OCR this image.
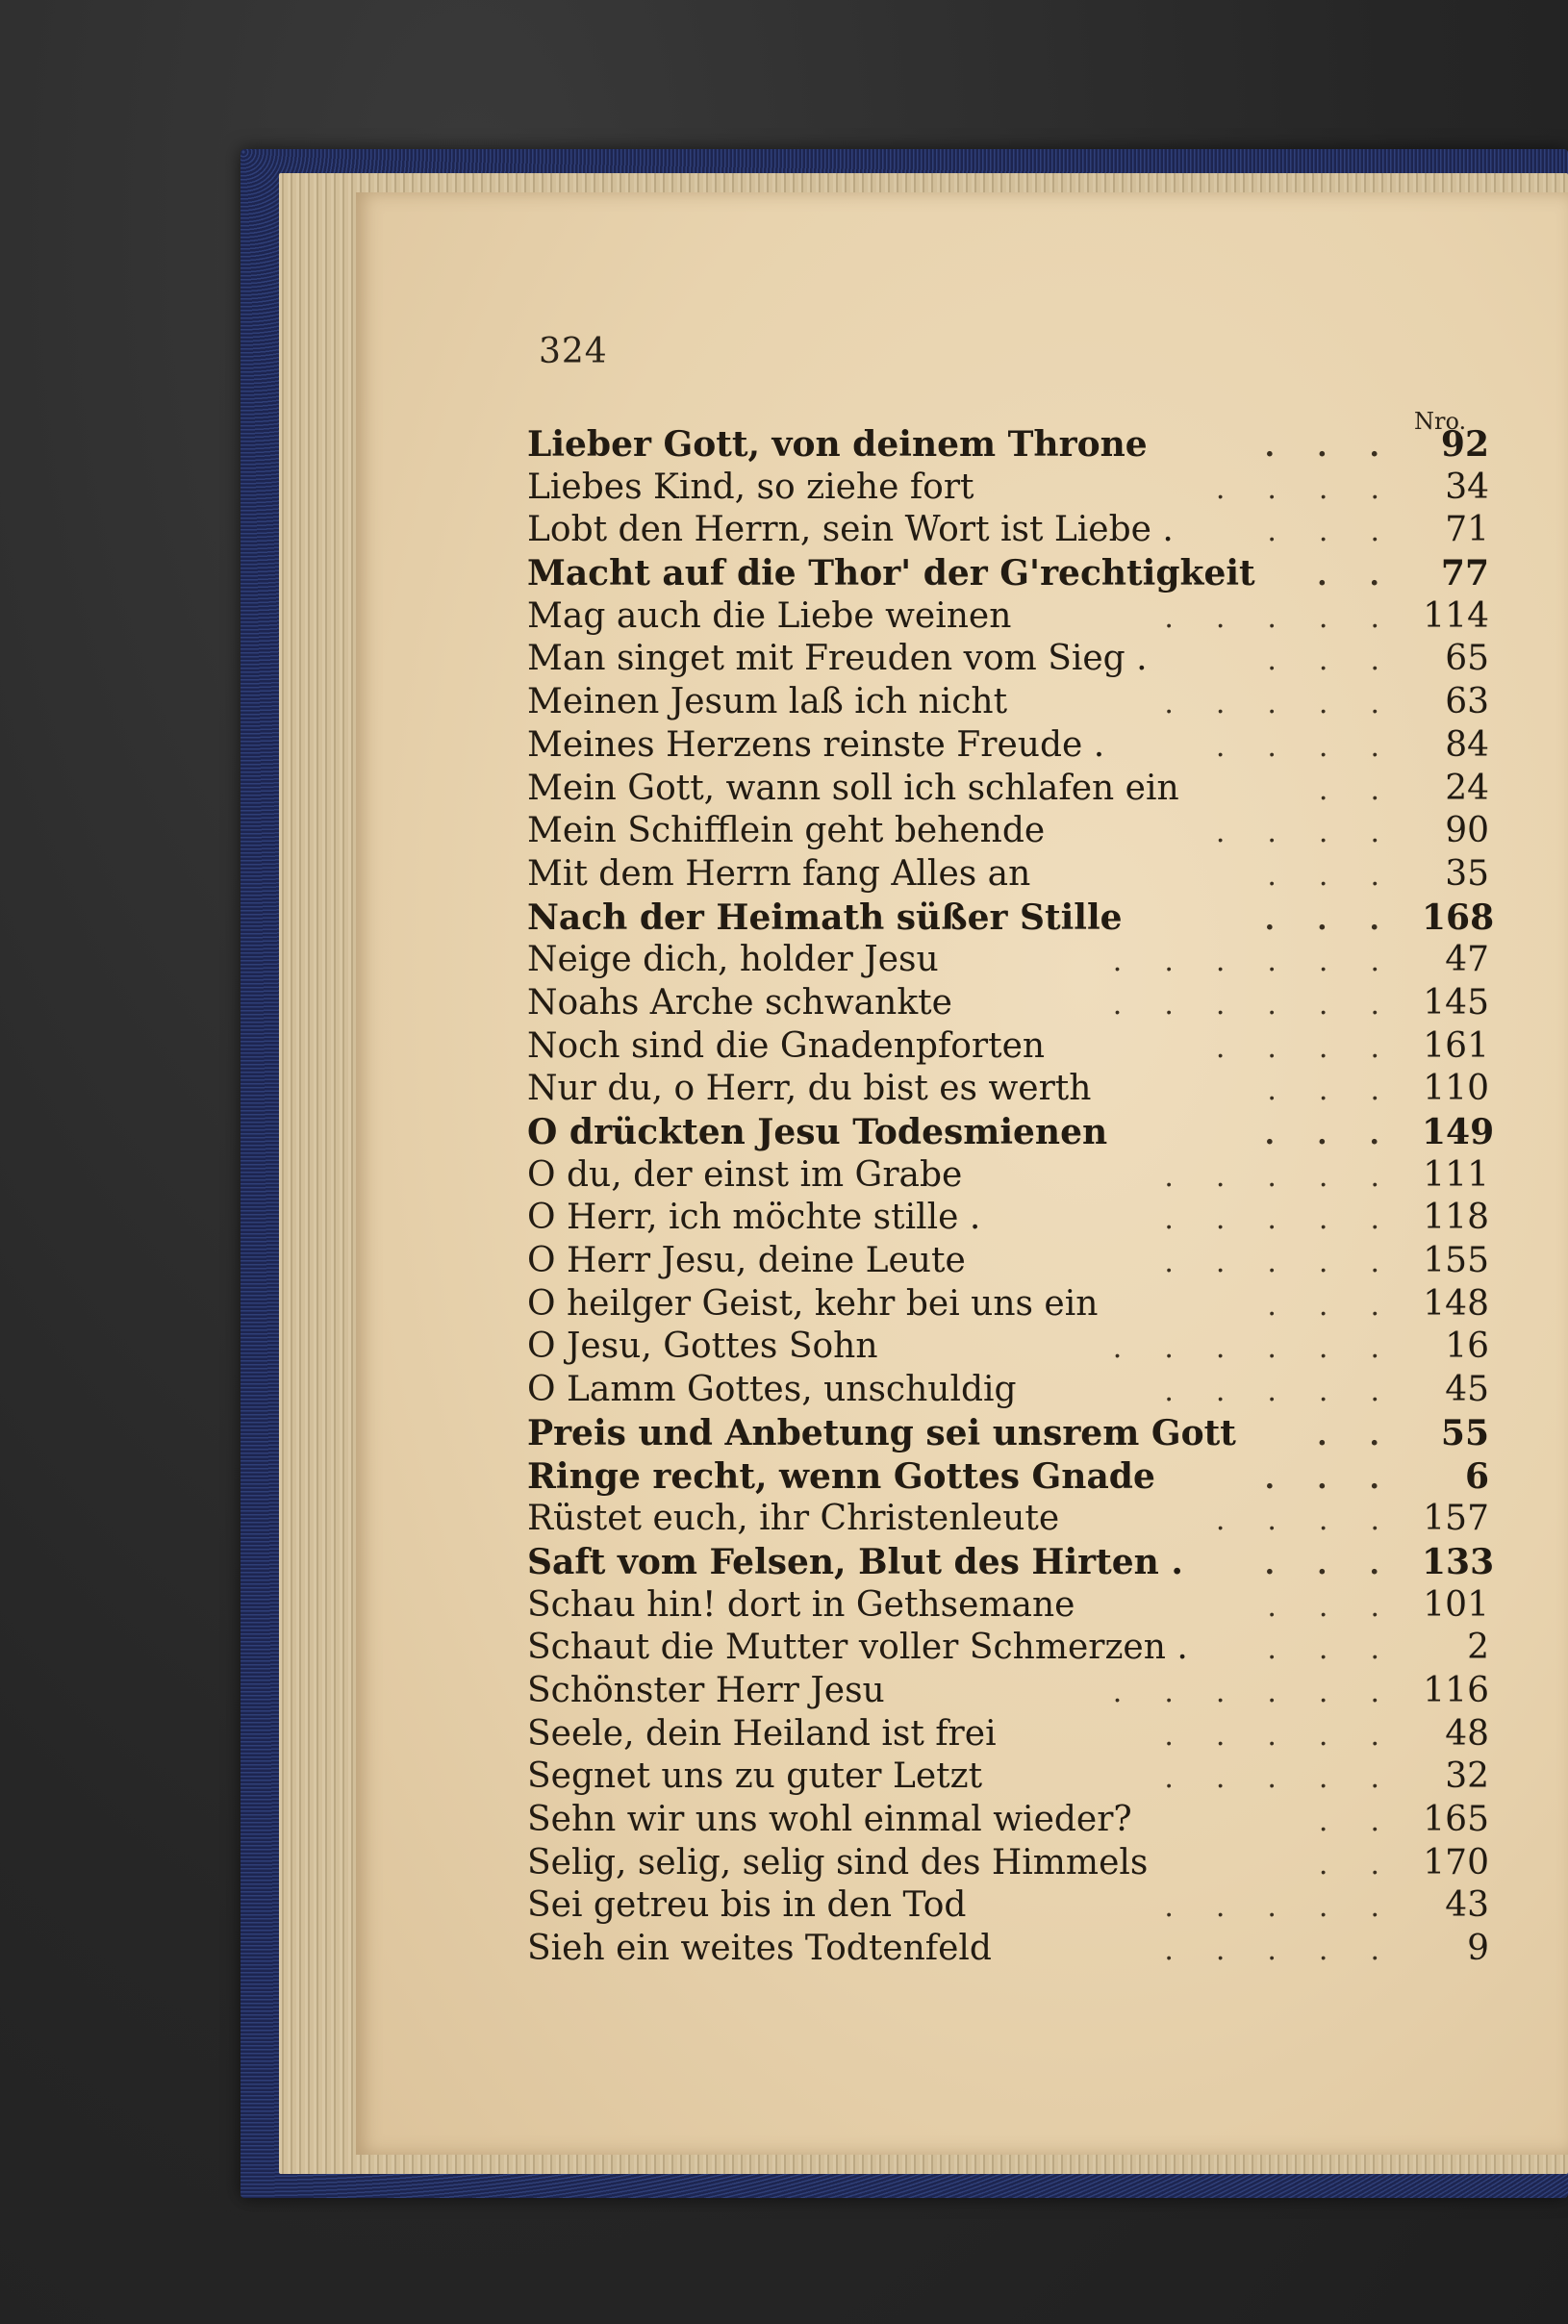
324
Nro.
Lieber Gott, von deinem Throne	... 92
Liebes Kind, so ziehe fort	.... 34
Lobt den Herrn, sein Wort ist Liebe .	... 71
Macht auf die Thor' der G'rechtigkeit	.. 77
Mag auch die Liebe weinen	..... 114
Man singet mit Freuden vom Sieg .	... 65
Meinen Jesum laß ich nicht	..... 63
Meines Herzens reinste Freude .	.... 84
Mein Gott, wann soll ich schlafen ein	.. 24
Mein Schifflein geht behende	.... 90
Mit dem Herrn fang Alles an	... 35
Nach der Heimath süßer Stille	... 168
Neige dich, holder Jesu	...... 47
Noahs Arche schwankte	...... 145
Noch sind die Gnadenpforten	.... 161
Nur du, o Herr, du bist es werth	... 110
O drückten Jesu Todesmienen	... 149
O du, der einst im Grabe	..... 111
O Herr, ich möchte stille .	..... 118
O Herr Jesu, deine Leute	..... 155
O heilger Geist, kehr bei uns ein	... 148
O Jesu, Gottes Sohn	...... 16
O Lamm Gottes, unschuldig	..... 45
Preis und Anbetung sei unsrem Gott	.. 55
Ringe recht, wenn Gottes Gnade	...	6
Rüstet euch, ihr Christenleute	.... 157
Saft vom Felsen, Blut des Hirten .	... 133
Schau hin! dort in Gethsemane	... 101
Schaut die Mutter voller Schmerzen .	...	2
Schönster Herr Jesu	...... 116
Seele, dein Heiland ist frei	..... 48
Segnet uns zu guter Letzt	..... 32
Sehn wir uns wohl einmal wieder?	.. 165
Selig, selig, selig sind des Himmels	.. 170
Sei getreu bis in den Tod	..... 43
Sieh ein weites Todtenfeld	.....	9
